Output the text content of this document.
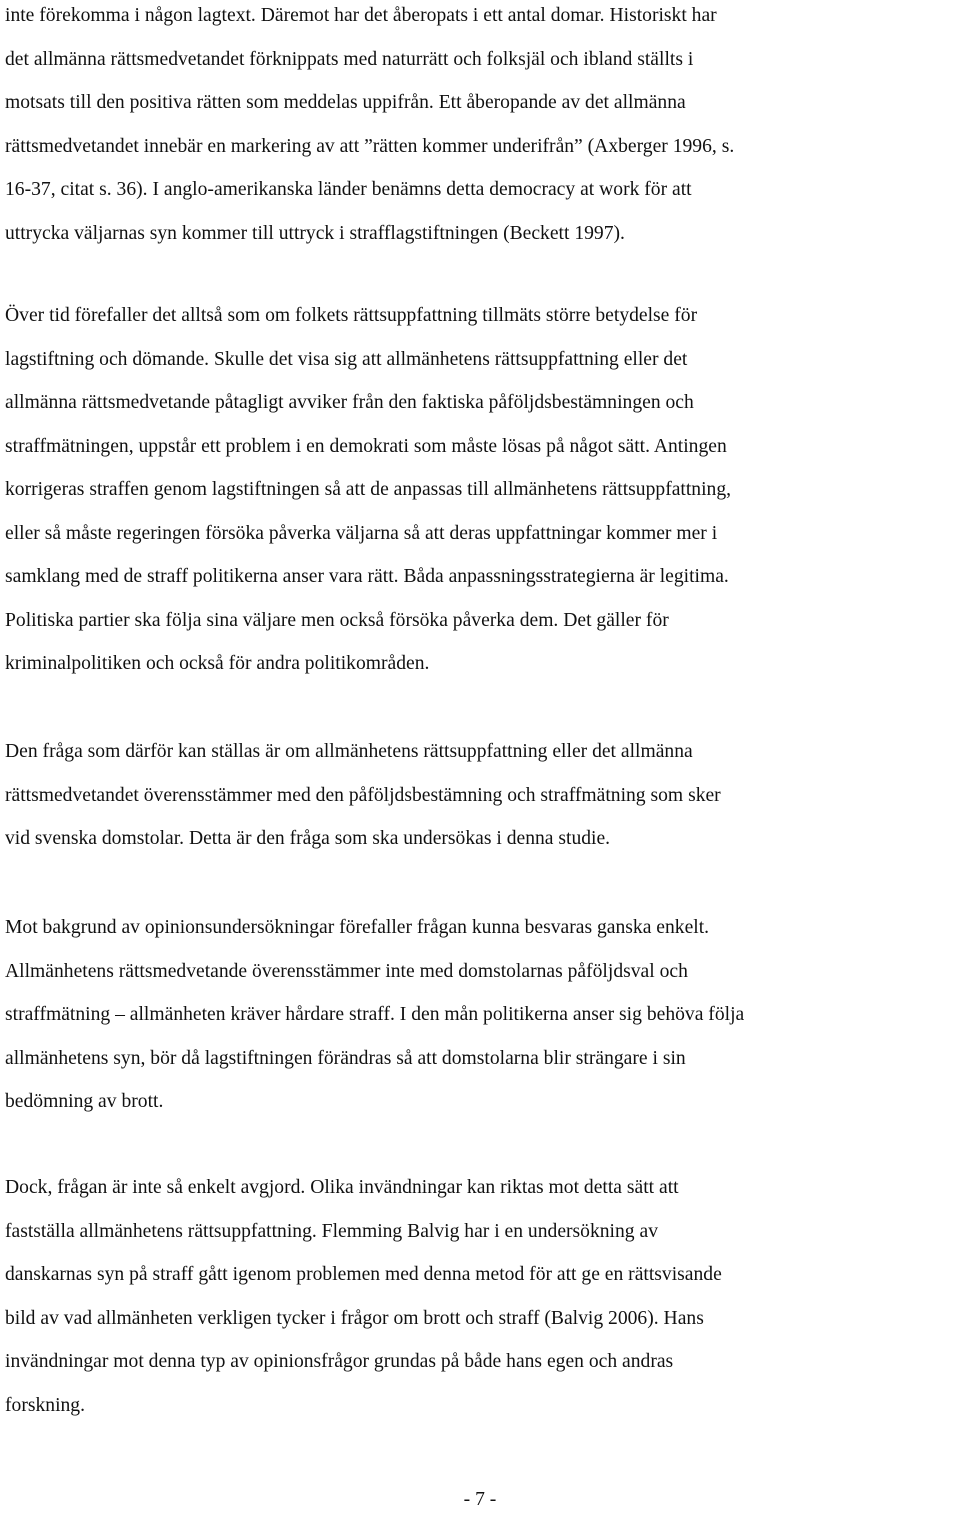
inte förekomma i någon lagtext. Däremot har det åberopats i ett antal domar. Historiskt har
det allmänna rättsmedvetandet förknippats med naturrätt och folksjäl och ibland ställts i
motsats till den positiva rätten som meddelas uppifrån. Ett åberopande av det allmänna
rättsmedvetandet innebär en markering av att ”rätten kommer underifrån” (Axberger 1996, s.
16-37, citat s. 36). I anglo-amerikanska länder benämns detta democracy at work för att
uttrycka väljarnas syn kommer till uttryck i strafflagstiftningen (Beckett 1997).

Över tid förefaller det alltså som om folkets rättsuppfattning tillmäts större betydelse för
lagstiftning och dömande. Skulle det visa sig att allmänhetens rättsuppfattning eller det
allmänna rättsmedvetande påtagligt avviker från den faktiska påföljdsbestämningen och
straffmätningen, uppstår ett problem i en demokrati som måste lösas på något sätt. Antingen
korrigeras straffen genom lagstiftningen så att de anpassas till allmänhetens rättsuppfattning,
eller så måste regeringen försöka påverka väljarna så att deras uppfattningar kommer mer i
samklang med de straff politikerna anser vara rätt. Båda anpassningsstrategierna är legitima.
Politiska partier ska följa sina väljare men också försöka påverka dem. Det gäller för
kriminalpolitiken och också för andra politikområden.

Den fråga som därför kan ställas är om allmänhetens rättsuppfattning eller det allmänna
rättsmedvetandet överensstämmer med den påföljdsbestämning och straffmätning som sker
vid svenska domstolar. Detta är den fråga som ska undersökas i denna studie.

Mot bakgrund av opinionsundersökningar förefaller frågan kunna besvaras ganska enkelt.
Allmänhetens rättsmedvetande överensstämmer inte med domstolarnas påföljdsval och
straffmätning – allmänheten kräver hårdare straff. I den mån politikerna anser sig behöva följa
allmänhetens syn, bör då lagstiftningen förändras så att domstolarna blir strängare i sin
bedömning av brott.

Dock, frågan är inte så enkelt avgjord. Olika invändningar kan riktas mot detta sätt att
fastställa allmänhetens rättsuppfattning. Flemming Balvig har i en undersökning av
danskarnas syn på straff gått igenom problemen med denna metod för att ge en rättsvisande
bild av vad allmänheten verkligen tycker i frågor om brott och straff (Balvig 2006). Hans
invändningar mot denna typ av opinionsfrågor grundas på både hans egen och andras
forskning.

- 7 -
